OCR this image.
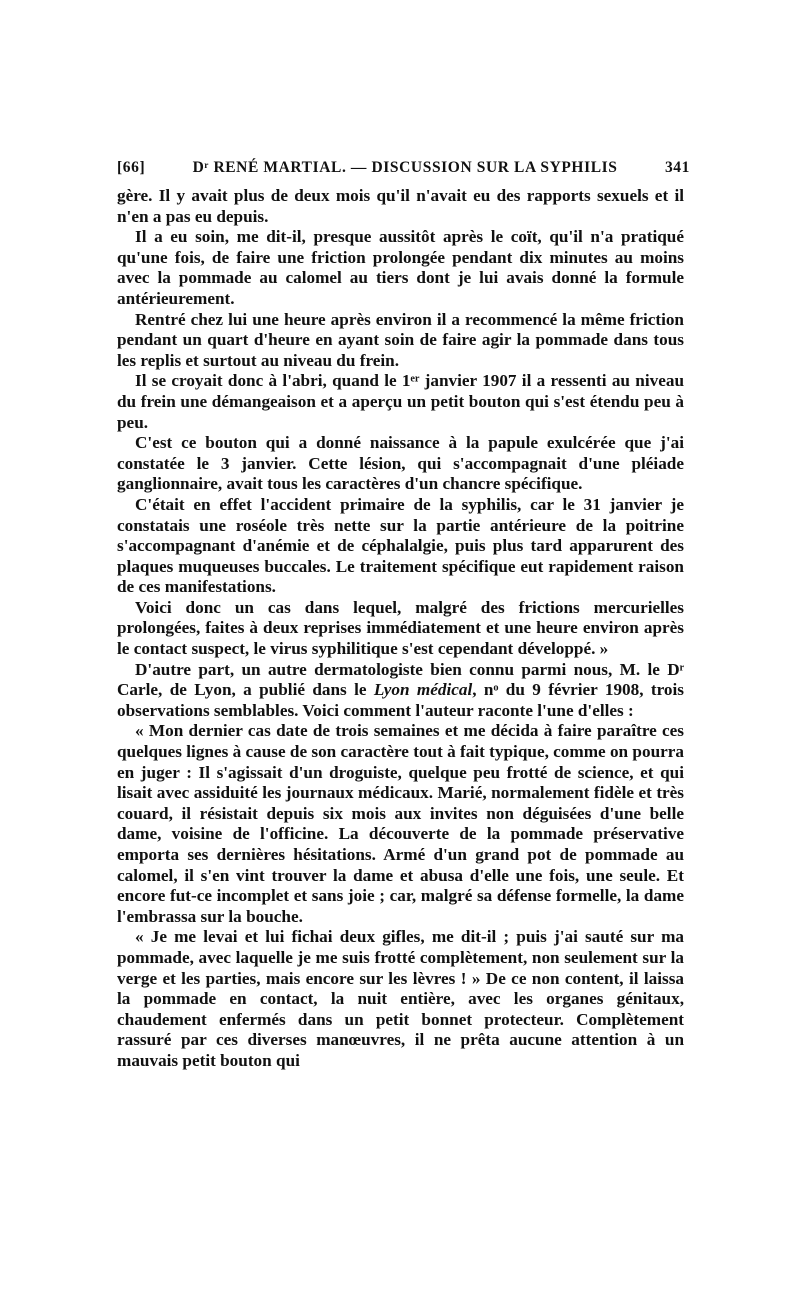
[66]	Dʳ RENÉ MARTIAL. — DISCUSSION SUR LA SYPHILIS	341

gère. Il y avait plus de deux mois qu'il n'avait eu des rapports sexuels et il n'en a pas eu depuis.

Il a eu soin, me dit-il, presque aussitôt après le coït, qu'il n'a pratiqué qu'une fois, de faire une friction prolongée pendant dix minutes au moins avec la pommade au calomel au tiers dont je lui avais donné la formule antérieurement.

Rentré chez lui une heure après environ il a recommencé la même friction pendant un quart d'heure en ayant soin de faire agir la pommade dans tous les replis et surtout au niveau du frein.

Il se croyait donc à l'abri, quand le 1ᵉʳ janvier 1907 il a ressenti au niveau du frein une démangeaison et a aperçu un petit bouton qui s'est étendu peu à peu.

C'est ce bouton qui a donné naissance à la papule exulcérée que j'ai constatée le 3 janvier. Cette lésion, qui s'accompagnait d'une pléiade ganglionnaire, avait tous les caractères d'un chancre spécifique.

C'était en effet l'accident primaire de la syphilis, car le 31 janvier je constatais une roséole très nette sur la partie antérieure de la poitrine s'accompagnant d'anémie et de céphalalgie, puis plus tard apparurent des plaques muqueuses buccales. Le traitement spécifique eut rapidement raison de ces manifestations.

Voici donc un cas dans lequel, malgré des frictions mercurielles prolongées, faites à deux reprises immédiatement et une heure environ après le contact suspect, le virus syphilitique s'est cependant développé. »

D'autre part, un autre dermatologiste bien connu parmi nous, M. le Dʳ Carle, de Lyon, a publié dans le Lyon médical, nᵒ du 9 février 1908, trois observations semblables. Voici comment l'auteur raconte l'une d'elles :

« Mon dernier cas date de trois semaines et me décida à faire paraître ces quelques lignes à cause de son caractère tout à fait typique, comme on pourra en juger : Il s'agissait d'un droguiste, quelque peu frotté de science, et qui lisait avec assiduité les journaux médicaux. Marié, normalement fidèle et très couard, il résistait depuis six mois aux invites non déguisées d'une belle dame, voisine de l'officine. La découverte de la pommade préservative emporta ses dernières hésitations. Armé d'un grand pot de pommade au calomel, il s'en vint trouver la dame et abusa d'elle une fois, une seule. Et encore fut-ce incomplet et sans joie ; car, malgré sa défense formelle, la dame l'embrassa sur la bouche.

« Je me levai et lui fichai deux gifles, me dit-il ; puis j'ai sauté sur ma pommade, avec laquelle je me suis frotté complètement, non seulement sur la verge et les parties, mais encore sur les lèvres ! » De ce non content, il laissa la pommade en contact, la nuit entière, avec les organes génitaux, chaudement enfermés dans un petit bonnet protecteur. Complètement rassuré par ces diverses manœuvres, il ne prêta aucune attention à un mauvais petit bouton qui
